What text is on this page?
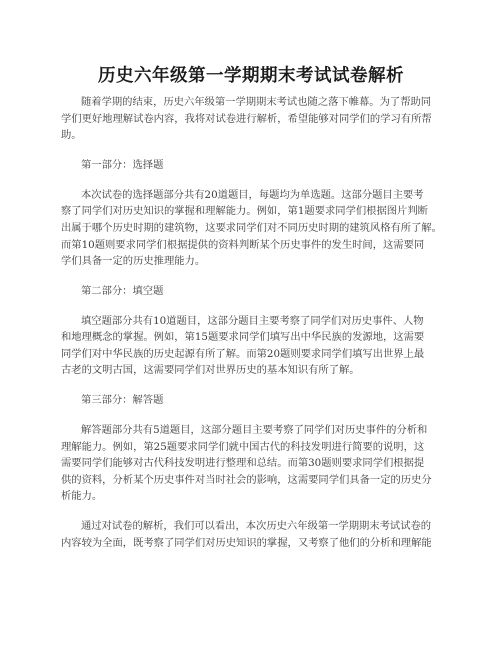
历史六年级第一学期期末考试试卷解析
随着学期的结束，历史六年级第一学期期末考试也随之落下帷幕。为了帮助同
学们更好地理解试卷内容，我将对试卷进行解析，希望能够对同学们的学习有所帮
助。
第一部分：选择题
本次试卷的选择题部分共有20道题目，每题均为单选题。这部分题目主要考
察了同学们对历史知识的掌握和理解能力。例如，第1题要求同学们根据图片判断
出属于哪个历史时期的建筑物，这要求同学们对不同历史时期的建筑风格有所了解。
而第10题则要求同学们根据提供的资料判断某个历史事件的发生时间，这需要同
学们具备一定的历史推理能力。
第二部分：填空题
填空题部分共有10道题目，这部分题目主要考察了同学们对历史事件、人物
和地理概念的掌握。例如，第15题要求同学们填写出中华民族的发源地，这需要
同学们对中华民族的历史起源有所了解。而第20题则要求同学们填写出世界上最
古老的文明古国，这需要同学们对世界历史的基本知识有所了解。
第三部分：解答题
解答题部分共有5道题目，这部分题目主要考察了同学们对历史事件的分析和
理解能力。例如，第25题要求同学们就中国古代的科技发明进行简要的说明，这
需要同学们能够对古代科技发明进行整理和总结。而第30题则要求同学们根据提
供的资料，分析某个历史事件对当时社会的影响，这需要同学们具备一定的历史分
析能力。
通过对试卷的解析，我们可以看出，本次历史六年级第一学期期末考试试卷的
内容较为全面，既考察了同学们对历史知识的掌握，又考察了他们的分析和理解能
